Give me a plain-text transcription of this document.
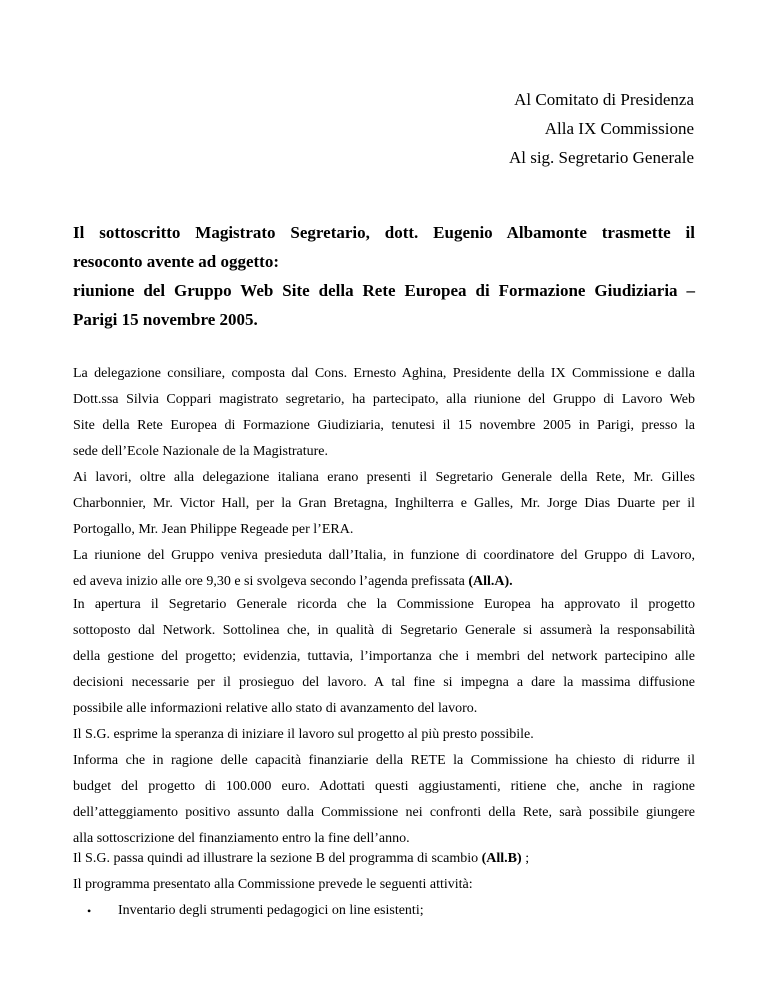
Al Comitato di Presidenza
Alla IX Commissione
Al sig. Segretario Generale
Il sottoscritto Magistrato Segretario, dott. Eugenio Albamonte trasmette il
resoconto avente ad oggetto:
riunione del Gruppo Web Site della Rete Europea di Formazione Giudiziaria –
Parigi 15 novembre 2005.
La delegazione consiliare, composta dal Cons. Ernesto Aghina, Presidente della IX Commissione e dalla
Dott.ssa Silvia Coppari magistrato segretario, ha partecipato, alla riunione del Gruppo di Lavoro Web
Site della Rete Europea di Formazione Giudiziaria, tenutesi il 15 novembre 2005 in Parigi, presso la
sede dell’Ecole Nazionale de la Magistrature.
Ai lavori, oltre alla delegazione italiana erano presenti il Segretario Generale della Rete, Mr. Gilles
Charbonnier, Mr. Victor Hall, per la Gran Bretagna, Inghilterra e Galles, Mr. Jorge Dias Duarte per il
Portogallo, Mr. Jean Philippe Regeade per l’ERA.
La riunione del Gruppo veniva presieduta dall’Italia, in funzione di coordinatore del Gruppo di Lavoro,
ed aveva inizio alle ore 9,30 e si svolgeva secondo l’agenda prefissata (All.A).
In apertura il Segretario Generale ricorda che la Commissione Europea ha approvato il progetto
sottoposto dal Network. Sottolinea che, in qualità di Segretario Generale si assumerà la responsabilità
della gestione del progetto; evidenzia, tuttavia, l’importanza che i membri del network partecipino alle
decisioni necessarie per il prosieguo del lavoro. A tal fine si impegna a dare la massima diffusione
possibile alle informazioni relative allo stato di avanzamento del lavoro.
Il S.G. esprime la speranza di iniziare il lavoro sul progetto al più presto possibile.
Informa che in ragione delle capacità finanziarie della RETE la Commissione ha chiesto di ridurre il
budget del progetto di 100.000 euro. Adottati questi aggiustamenti, ritiene che, anche in ragione
dell’atteggiamento positivo assunto dalla Commissione nei confronti della Rete, sarà possibile giungere
alla sottoscrizione del finanziamento entro la fine dell’anno.
Il S.G. passa quindi ad illustrare la sezione B del programma di scambio (All.B) ;
Il programma presentato alla Commissione prevede le seguenti attività:
• Inventario degli strumenti pedagogici on line esistenti;
